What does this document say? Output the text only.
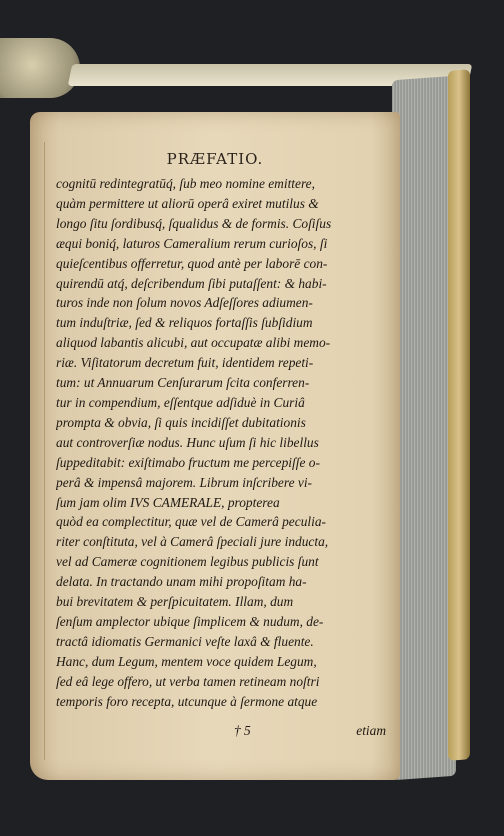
PRÆFATIO.
cognitū redintegratūq́, ſub meo nomine emittere,
quàm permittere ut aliorū operâ exiret mutilus &
longo ſitu ſordibusq́, ſqualidus & de formis. Coſiſus
æqui boniq́, laturos Cameralium rerum curioſos, ſi
quieſcentibus offerretur, quod antè per laborē con-
quirendū atq́, deſcribendum ſibi putaſſent: & habi-
turos inde non ſolum novos Adſeſſores adiumen-
tum induſtriæ, ſed & reliquos fortaſſis ſubſidium
aliquod labantis alicubi, aut occupatæ alibi memo-
riæ. Viſitatorum decretum fuit, identidem repeti-
tum: ut Annuarum Cenſurarum ſcita conferren-
tur in compendium, eſſentque adſiduè in Curiâ
prompta & obvia, ſi quis incidiſſet dubitationis
aut controverſiæ nodus. Hunc uſum ſi hic libellus
ſuppeditabit: exiſtimabo fructum me percepiſſe o-
perâ & impensâ majorem. Librum inſcribere vi-
ſum jam olim IVS CAMERALE, propterea
quòd ea complectitur, quæ vel de Camerâ peculia-
riter conſtituta, vel à Camerâ ſpeciali jure inducta,
vel ad Cameræ cognitionem legibus publicis ſunt
delata. In tractando unam mihi propoſitam ha-
bui brevitatem & perſpicuitatem. Illam, dum
ſenſum amplector ubique ſimplicem & nudum, de-
tractâ idiomatis Germanici veſte laxâ & fluente.
Hanc, dum Legum, mentem voce quidem Legum,
ſed eâ lege offero, ut verba tamen retineam noſtri
temporis foro recepta, utcunque à ſermone atque
† 5	etiam
